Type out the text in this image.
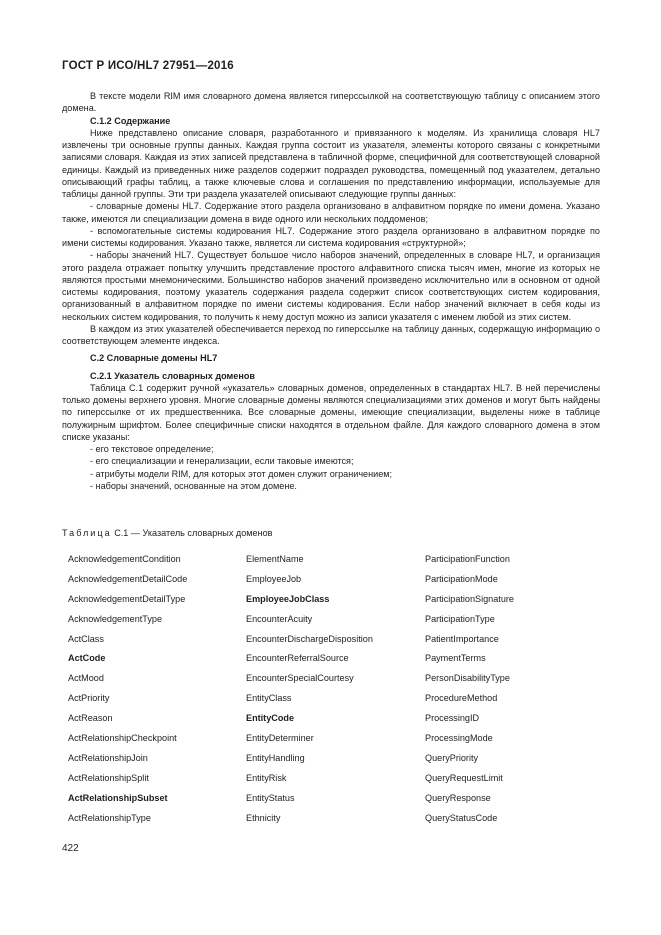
ГОСТ Р ИСО/HL7 27951—2016

В тексте модели RIM имя словарного домена является гиперссылкой на соответствующую таблицу с описанием этого домена.

C.1.2 Содержание

Ниже представлено описание словаря, разработанного и привязанного к моделям. Из хранилища словаря HL7 извлечены три основные группы данных. Каждая группа состоит из указателя, элементы которого связаны с конкретными записями словаря. Каждая из этих записей представлена в табличной форме, специфичной для соответствующей словарной единицы. Каждый из приведенных ниже разделов содержит подраздел руководства, помещенный под указателем, детально описывающий графы таблиц, а также ключевые слова и соглашения по представлению информации, используемые для таблицы данной группы. Эти три раздела указателей описывают следующие группы данных:

- словарные домены HL7. Содержание этого раздела организовано в алфавитном порядке по имени домена. Указано также, имеются ли специализации домена в виде одного или нескольких поддоменов;

- вспомогательные системы кодирования HL7. Содержание этого раздела организовано в алфавитном порядке по имени системы кодирования. Указано также, является ли система кодирования «структурной»;

- наборы значений HL7. Существует большое число наборов значений, определенных в словаре HL7, и организация этого раздела отражает попытку улучшить представление простого алфавитного списка тысяч имен, многие из которых не являются простыми мнемоническими. Большинство наборов значений произведено исключительно или в основном от одной системы кодирования, поэтому указатель содержания раздела содержит список соответствующих систем кодирования, организованный в алфавитном порядке по имени системы кодирования. Если набор значений включает в себя коды из нескольких систем кодирования, то получить к нему доступ можно из записи указателя с именем любой из этих систем.

В каждом из этих указателей обеспечивается переход по гиперссылке на таблицу данных, содержащую информацию о соответствующем элементе индекса.

C.2 Словарные домены HL7

C.2.1 Указатель словарных доменов

Таблица C.1 содержит ручной «указатель» словарных доменов, определенных в стандартах HL7. В ней перечислены только домены верхнего уровня. Многие словарные домены являются специализациями этих доменов и могут быть найдены по гиперссылке от их предшественника. Все словарные домены, имеющие специализации, выделены ниже в таблице полужирным шрифтом. Более специфичные списки находятся в отдельном файле. Для каждого словарного домена в этом списке указаны:

- его текстовое определение;

- его специализации и генерализации, если таковые имеются;

- атрибуты модели RIM, для которых этот домен служит ограничением;

- наборы значений, основанные на этом домене.

Таблица C.1 — Указатель словарных доменов
AcknowledgementCondition	ElementName	ParticipationFunction
AcknowledgementDetailCode	EmployeeJob	ParticipationMode
AcknowledgementDetailType	EmployeeJobClass	ParticipationSignature
AcknowledgementType	EncounterAcuity	ParticipationType
ActClass	EncounterDischargeDisposition	PatientImportance
ActCode	EncounterReferralSource	PaymentTerms
ActMood	EncounterSpecialCourtesy	PersonDisabilityType
ActPriority	EntityClass	ProcedureMethod
ActReason	EntityCode	ProcessingID
ActRelationshipCheckpoint	EntityDeterminer	ProcessingMode
ActRelationshipJoin	EntityHandling	QueryPriority
ActRelationshipSplit	EntityRisk	QueryRequestLimit
ActRelationshipSubset	EntityStatus	QueryResponse
ActRelationshipType	Ethnicity	QueryStatusCode
422
